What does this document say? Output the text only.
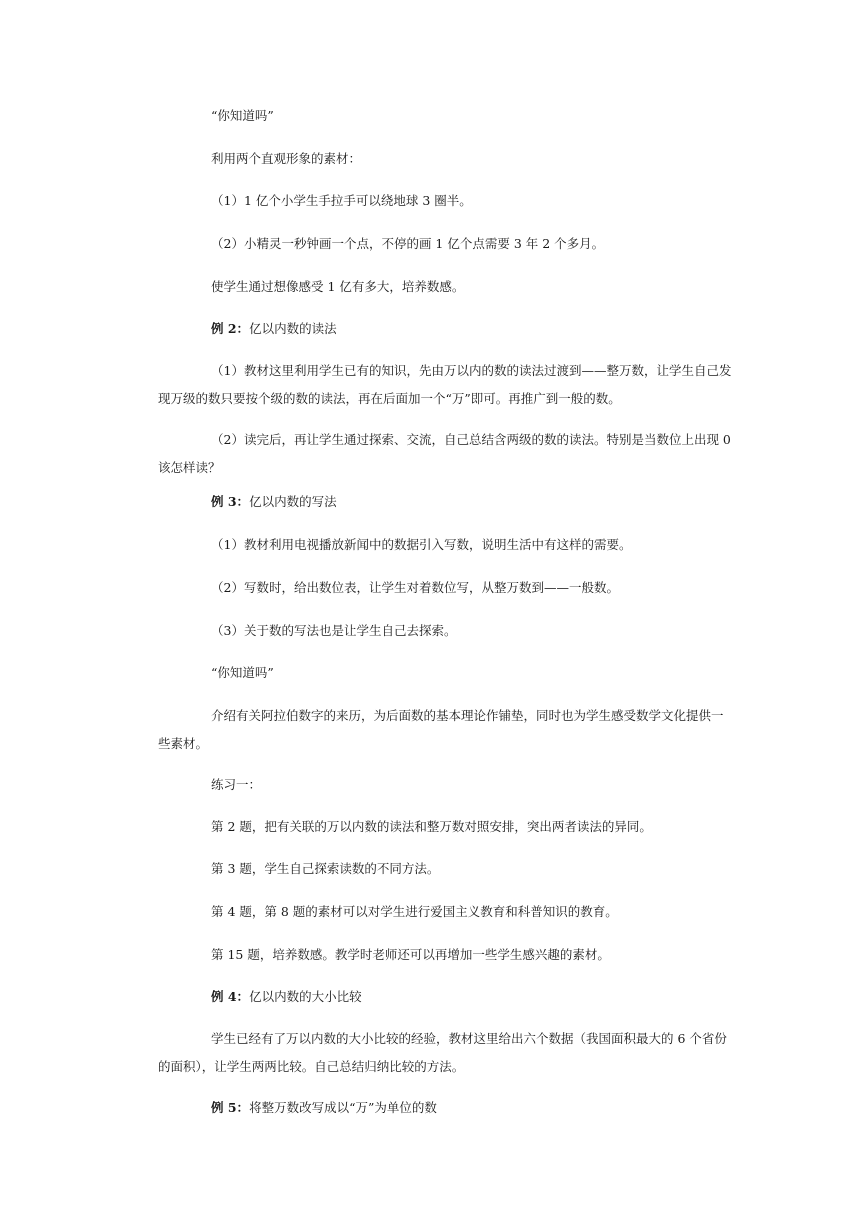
“你知道吗”

利用两个直观形象的素材：

（1）1 亿个小学生手拉手可以绕地球 3 圈半。

（2）小精灵一秒钟画一个点，不停的画 1 亿个点需要 3 年 2 个多月。

使学生通过想像感受 1 亿有多大，培养数感。

例 2：亿以内数的读法

（1）教材这里利用学生已有的知识，先由万以内的数的读法过渡到——整万数，让学生自己发现万级的数只要按个级的数的读法，再在后面加一个“万”即可。再推广到一般的数。

（2）读完后，再让学生通过探索、交流，自己总结含两级的数的读法。特别是当数位上出现 0 该怎样读？

例 3：亿以内数的写法

（1）教材利用电视播放新闻中的数据引入写数，说明生活中有这样的需要。

（2）写数时，给出数位表，让学生对着数位写，从整万数到——一般数。

（3）关于数的写法也是让学生自己去探索。

“你知道吗”

介绍有关阿拉伯数字的来历，为后面数的基本理论作铺垫，同时也为学生感受数学文化提供一些素材。

练习一：

第 2 题，把有关联的万以内数的读法和整万数对照安排，突出两者读法的异同。

第 3 题，学生自己探索读数的不同方法。

第 4 题，第 8 题的素材可以对学生进行爱国主义教育和科普知识的教育。

第 15 题，培养数感。教学时老师还可以再增加一些学生感兴趣的素材。

例 4：亿以内数的大小比较

学生已经有了万以内数的大小比较的经验，教材这里给出六个数据（我国面积最大的 6 个省份的面积），让学生两两比较。自己总结归纳比较的方法。

例 5：将整万数改写成以“万”为单位的数
